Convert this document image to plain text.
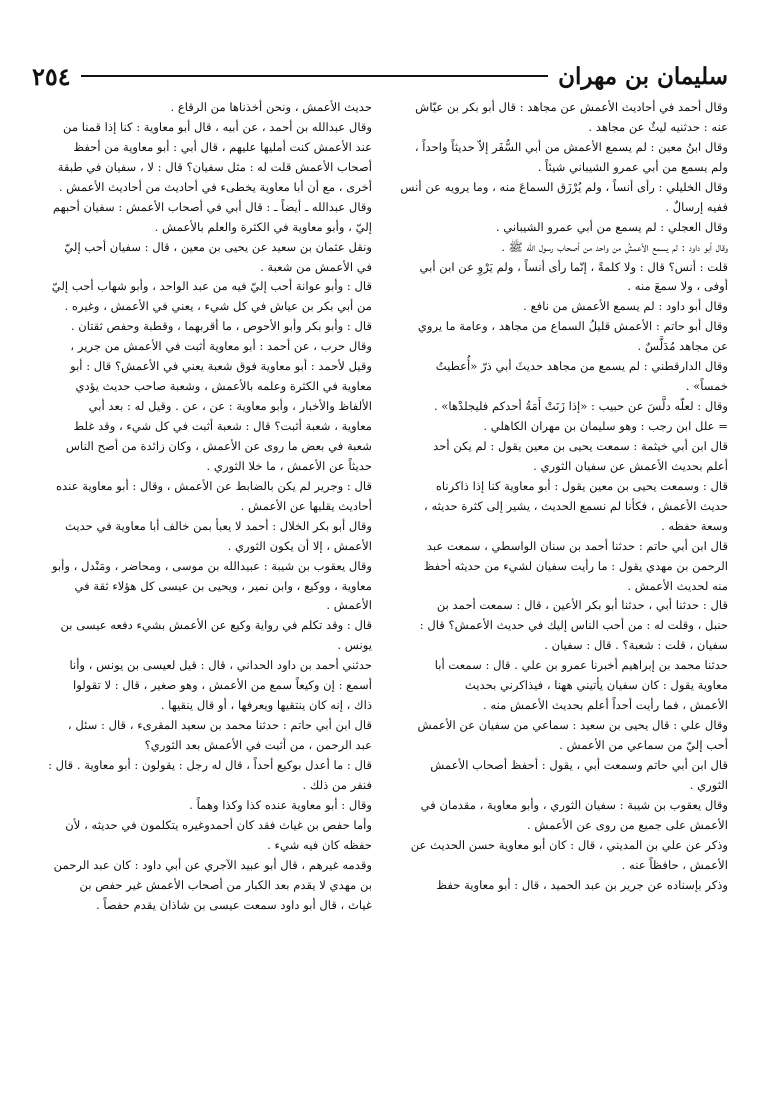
سليمان بن مهران
٢٥٤

وقال أحمد في أحاديث الأعمش عن مجاهد : قال أبو بكر بن عيّاش
عنه : حدثنيه ليثٌ عن مجاهد .

وقال ابنُ معين : لم يسمع الأعمش من أبي السُّفَر إلاّ حديثاً واحداً ،
ولم يسمع من أبي عمرو الشيباني شيئاً .

وقال الخليلي : رأى أنساً ، ولم يُرْزَق السماعَ منه ، وما يرويه عن أنس
ففيه إرسالٌ .

وقال العجلي : لم يسمع من أبي عمرو الشيباني .

وقال أبو داود : لم يسمع الأعمشُ من واحد من أصحاب رسول الله ﷺ .

قلت : أنس؟ قال : ولا كلمةً ، إنّما رأى أنساً ، ولم يَرْوِ عن ابن أبي
أوفى ، ولا سمعَ منه .

وقال أبو داود : لم يسمع الأعمش من نافع .

وقال أبو حاتم : الأعمش قليلُ السماع من مجاهد ، وعامة ما يروي
عن مجاهد مُدَلَّسٌ .

وقال الدارقطني : لم يسمع من مجاهد حديثَ أبي ذرّ «أُعطيتُ
خمساً» .

وقال : لعلّه دلَّسَ عن حبيب : «إذا زَنَتْ أَمَةُ أحدكم فليجلدْها» .

= علل ابن رجب : وهو سليمان بن مهران الكاهلي .

قال ابن أبي خيثمة : سمعت يحيى بن معين يقول : لم يكن أحد
أعلم بحديث الأعمش عن سفيان الثوري .

قال : وسمعت يحيى بن معين يقول : أبو معاوية كنا إذا ذاكرناه
حديث الأعمش ، فكأنا لم نسمع الحديث ، يشير إلى كثرة حديثه ،
وسعة حفظه .

قال ابن أبي حاتم : حدثنا أحمد بن سنان الواسطي ، سمعت عبد
الرحمن بن مهدي يقول : ما رأيت سفيان لشيء من حديثه أحفظ
منه لحديث الأعمش .

قال : حدثنا أبي ، حدثنا أبو بكر الأعين ، قال : سمعت أحمد بن
حنبل ، وقلت له : من أحب الناس إليك في حديث الأعمش؟ قال :
سفيان ، قلت : شعبة؟ . قال : سفيان .

حدثنا محمد بن إبراهيم أخبرنا عمرو بن علي . قال : سمعت أبا
معاوية يقول : كان سفيان يأتيني ههنا ، فيذاكرني بحديث
الأعمش ، فما رأيت أحداً أعلم بحديث الأعمش منه .

وقال علي : قال يحيى بن سعيد : سماعي من سفيان عن الأعمش
أحب إليّ من سماعي من الأعمش .

قال ابن أبي حاتم وسمعت أبي ، يقول : أحفظ أصحاب الأعمش
الثوري .

وقال يعقوب بن شيبة : سفيان الثوري ، وأبو معاوية ، مقدمان في
الأعمش على جميع من روى عن الأعمش .

وذكر عن علي بن المديني ، قال : كان أبو معاوية حسن الحديث عن
الأعمش ، حافظاً عنه .

وذكر بإسناده عن جرير بن عبد الحميد ، قال : أبو معاوية حفظ

حديث الأعمش ، ونحن أخذناها من الرقاع .

وقال عبدالله بن أحمد ، عن أبيه ، قال أبو معاوية : كنا إذا قمنا من
عند الأعمش كنت أمليها عليهم ، قال أبي : أبو معاوية من أحفظ
أصحاب الأعمش قلت له : مثل سفيان؟ قال : لا ، سفيان في طبقة
أخرى ، مع أن أبا معاوية يخطىء في أحاديث من أحاديث الأعمش .

وقال عبدالله ـ أيضاً ـ : قال أبي في أصحاب الأعمش : سفيان أحبهم
إليّ ، وأبو معاوية في الكثرة والعلم بالأعمش .

ونقل عثمان بن سعيد عن يحيى بن معين ، قال : سفيان أحب إليّ
في الأعمش من شعبة .

قال : وأبو عوانة أحب إليّ فيه من عبد الواحد ، وأبو شهاب أحب إليّ
من أبي بكر بن عياش في كل شيء ، يعني في الأعمش ، وغيره .

قال : وأبو بكر وأبو الأحوص ، ما أقربهما ، وقطبة وحفص ثقتان .

وقال حرب ، عن أحمد : أبو معاوية أثبت في الأعمش من جرير ،
وقيل لأحمد : أبو معاوية فوق شعبة يعني في الأعمش؟ قال : أبو
معاوية في الكثرة وعلمه بالأعمش ، وشعبة صاحب حديث يؤدي
الألفاظ والأخبار ، وأبو معاوية : عن ، عن . وقيل له : بعد أبي
معاوية ، شعبة أثبت؟ قال : شعبة أثبت في كل شيء ، وقد غلط
شعبة في بعض ما روى عن الأعمش ، وكان زائدة من أصح الناس
حديثاً عن الأعمش ، ما خلا الثوري .

قال : وجرير لم يكن بالضابط عن الأعمش ، وقال : أبو معاوية عنده
أحاديث يقلبها عن الأعمش .

وقال أبو بكر الخلال : أحمد لا يعبأ بمن خالف أبا معاوية في حديث
الأعمش ، إلا أن يكون الثوري .

وقال يعقوب بن شيبة : عبيدالله بن موسى ، ومحاضر ، ومَنْدل ، وأبو
معاوية ، ووكيع ، وابن نمير ، ويحيى بن عيسى كل هؤلاء ثقة في
الأعمش .

قال : وقد تكلم في رواية وكيع عن الأعمش بشيء دفعه عيسى بن
يونس .

حدثني أحمد بن داود الحداني ، قال : قيل لعيسى بن يونس ، وأنا
أسمع : إن وكيعاً سمع من الأعمش ، وهو صغير ، قال : لا تقولوا
ذاك ، إنه كان ينتقيها ويعرفها ، أو قال ينقيها .

قال ابن أبي حاتم : حدثنا محمد بن سعيد المقرىء ، قال : سئل ،
عبد الرحمن ، من أثبت في الأعمش بعد الثوري؟

قال : ما أعدل بوكيع أحداً ، قال له رجل : يقولون : أبو معاوية . قال :
فنفر من ذلك .

وقال : أبو معاوية عنده كذا وكذا وهماً .

وأما حفص بن غياث فقد كان أحمدوغيره يتكلمون في حديثه ، لأن
حفظه كان فيه شيء .

وقدمه غيرهم ، قال أبو عبيد الآجري عن أبي داود : كان عبد الرحمن
بن مهدي لا يقدم بعد الكبار من أصحاب الأعمش غير حفص بن
غياث ، قال أبو داود سمعت عيسى بن شاذان يقدم حفصاً .
